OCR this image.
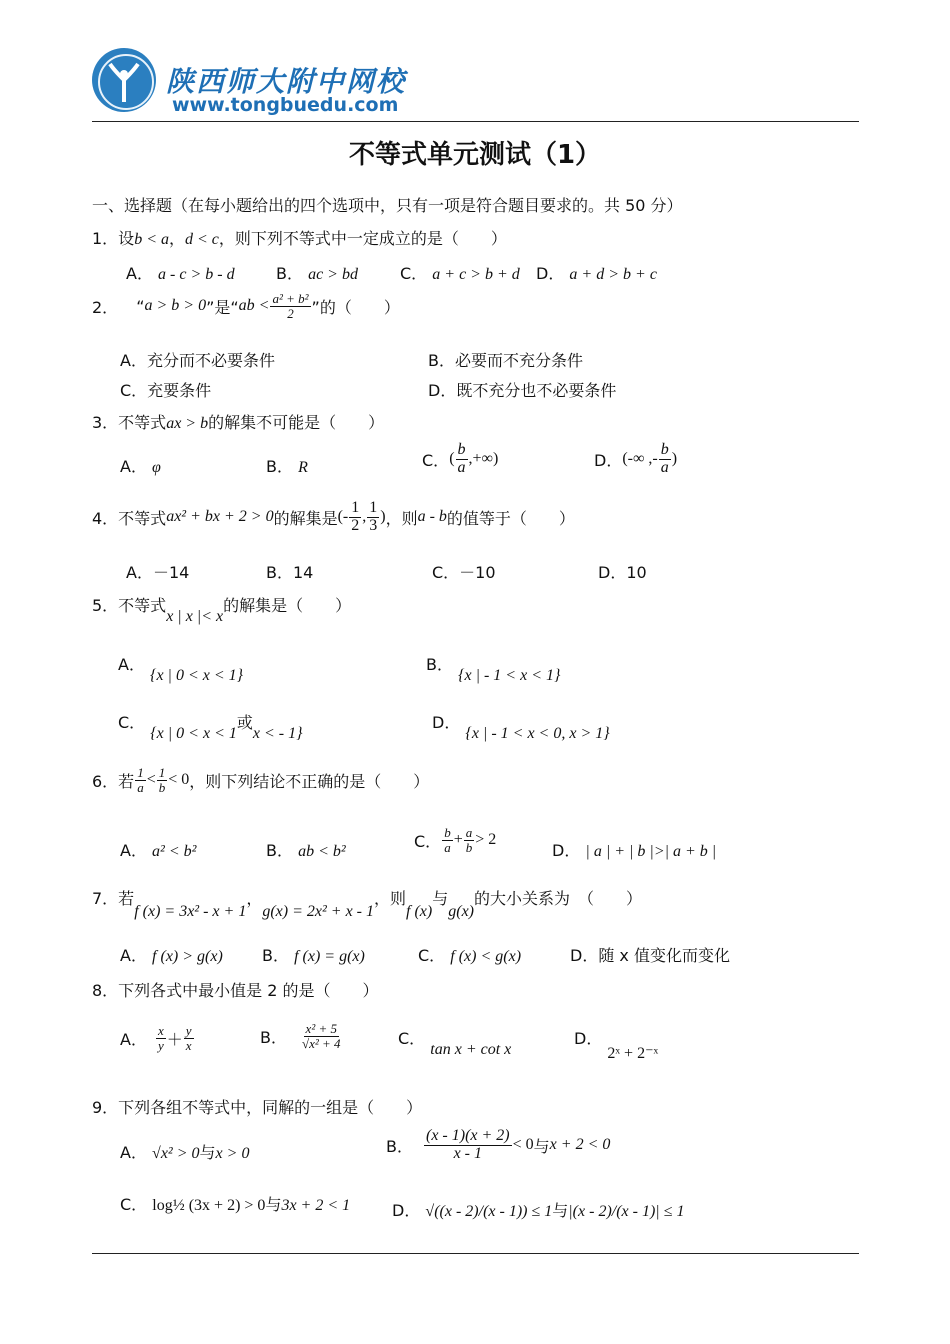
陕西师大附中网校
www.tongbuedu.com
不等式单元测试（1）
一、选择题（在每小题给出的四个选项中，只有一项是符合题目要求的。共 50 分）
1．设b < a，d < c，则下列不等式中一定成立的是（　　）
A． a - c > b - d	B． ac > bd	C． a + c > b + d D． a + d > b + c
2． “ a > b > 0 ”是“ ab < $\frac{\text{a² + b²}}{2}$ ”的（　　）
A．充分而不必要条件	B．必要而不充分条件
C．充要条件	D．既不充分也不必要条件
3．不等式ax > b的解集不可能是（　　）
A． φ	B． R	C． ( $\frac{b}{a}$ ,+∞)	D． (-∞ ,- $\frac{b}{a}$ )
4．不等式 ax² + bx + 2 > 0 的解集是 (- $\frac{1}{2}$ , $\frac{1}{3}$ ) ，则 a - b 的值等于（　　）
A．－14	B．14	C．－10	D．10
5．不等式x | x |< x的解集是（　　）
A． {x | 0 < x < 1}
B． {x | - 1 < x < 1}
C． {x | 0 < x < 1或x < - 1}
D． {x | - 1 < x < 0, x > 1}
6．若 $\frac{1}{a} < \frac{1}{b} < 0$ ，则下列结论不正确的是（　　）
A． a² < b²	B． ab < b²
C． $\frac{b}{a} + \frac{a}{b} > 2$
D． | a | + | b |>| a + b |
7．若f (x) = 3x² - x + 1，g(x) = 2x² + x - 1，则f (x)与g(x)的大小关系为　（　　）
A． f (x) > g(x) B． f (x) = g(x)	C． f (x) < g(x)	D．随 x 值变化而变化
8．下列各式中最小值是 2 的是（　　）
A． $\frac{x}{y} + \frac{y}{x}$	B． $\frac{\text{x² + 5}}{\text{√x² + 4}}$	C． tan x + cot x
D． 2ˣ + 2⁻ˣ
9．下列各组不等式中，同解的一组是（　　）
A． √x² > 0与x > 0	B． $\frac{(x - 1)(x + 2)}{x - 1} < 0$ 与 x + 2 < 0
C． log½ (3x + 2) > 0与3x + 2 < 1	D． √((x - 2)/(x - 1)) ≤ 1与|(x - 2)/(x - 1)| ≤ 1
